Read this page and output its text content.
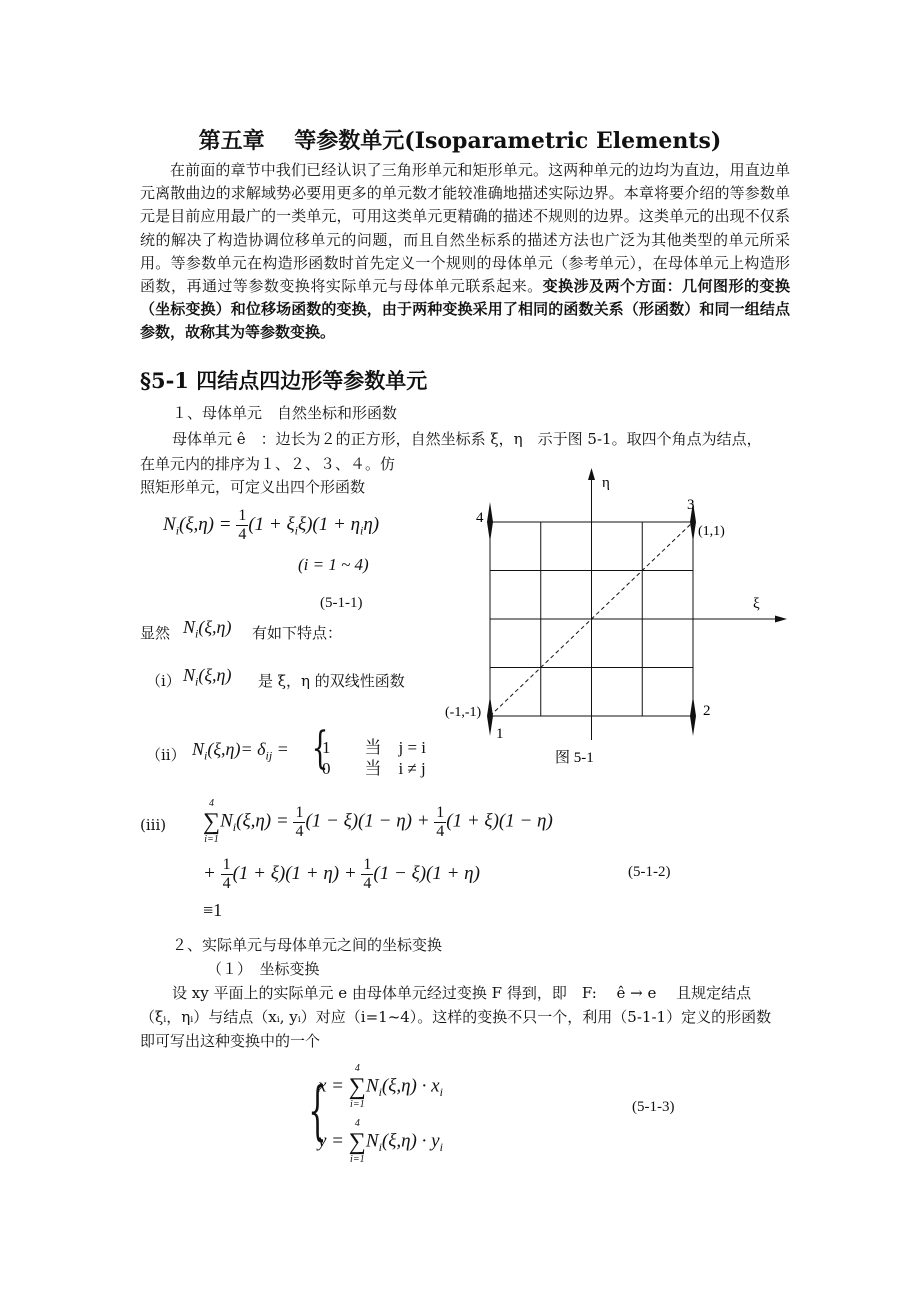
第五章　 等参数单元(Isoparametric Elements)
在前面的章节中我们已经认识了三角形单元和矩形单元。这两种单元的边均为直边，用直边单元离散曲边的求解域势必要用更多的单元数才能较准确地描述实际边界。本章将要介绍的等参数单元是目前应用最广的一类单元，可用这类单元更精确的描述不规则的边界。这类单元的出现不仅系统的解决了构造协调位移单元的问题，而且自然坐标系的描述方法也广泛为其他类型的单元所采用。等参数单元在构造形函数时首先定义一个规则的母体单元（参考单元），在母体单元上构造形函数，再通过等参数变换将实际单元与母体单元联系起来。变换涉及两个方面：几何图形的变换（坐标变换）和位移场函数的变换，由于两种变换采用了相同的函数关系（形函数）和同一组结点参数，故称其为等参数变换。
§5-1 四结点四边形等参数单元
１、母体单元　自然坐标和形函数
母体单元 ê　：边长为２的正方形，自然坐标系 ξ，η　示于图 5-1。取四个角点为结点，
在单元内的排序为１、２、３、４。仿
照矩形单元，可定义出四个形函数
$N_i(\xi,\eta) = \frac{1}{4} (1 + \xi_i\xi)(1 + \eta_i\eta)$
(i = 1 ~ 4)
(5-1-1)
显然 $N_i(\xi,\eta)$ 有如下特点：
（i） $N_i(\xi,\eta)$ 是 ξ，η 的双线性函数
（ii） $N_i(\xi,\eta)= \delta_{ij}$ = {
1　　当　j = i
0　　当　i ≠ j
(iii)
4
∑
i=1
$N_i(\xi,\eta) = \frac{1}{4} (1 - \xi)(1 - \eta) + \frac{1}{4} (1 + \xi)(1 - \eta)$
+ $\frac{1}{4} (1 + \xi)(1 + \eta) + \frac{1}{4} (1 - \xi)(1 + \eta)$	(5-1-2)
≡1
η
ξ
4
3
(1,1)
2
(-1,-1)
1
图 5-1
２、实际单元与母体单元之间的坐标变换
（１）　坐标变换
设 xy 平面上的实际单元 e 由母体单元经过变换 F 得到，即　F:　 ê → e　 且规定结点
（ξᵢ，ηᵢ）与结点（xᵢ, yᵢ）对应（i=1~4）。这样的变换不只一个，利用（5-1-1）定义的形函数
即可写出这种变换中的一个
{
x =
4
∑
i=1
$N_i(\xi,\eta) \cdot x_i$
y =
4
∑
i=1
$N_i(\xi,\eta) \cdot y_i$
(5-1-3)
